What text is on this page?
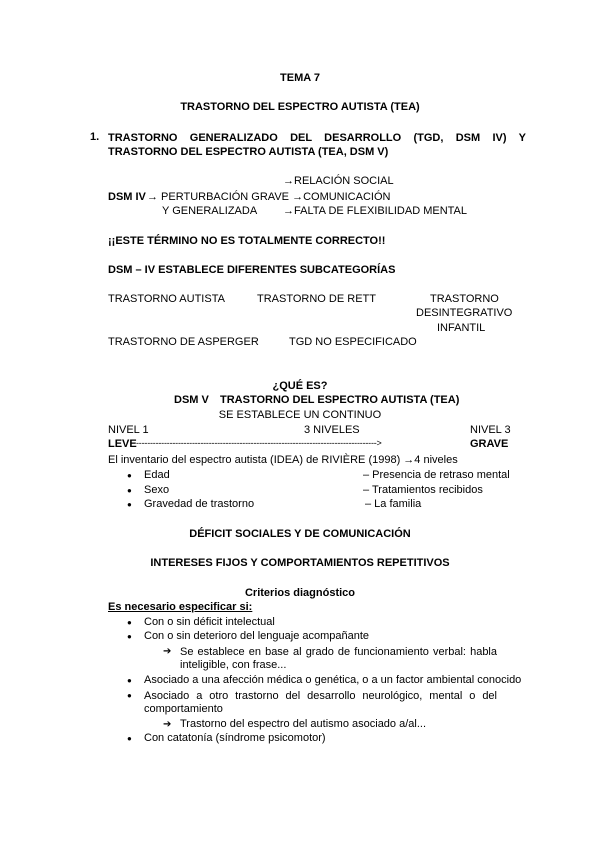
TEMA 7
TRASTORNO DEL ESPECTRO AUTISTA (TEA)
1. TRASTORNO GENERALIZADO DEL DESARROLLO (TGD, DSM IV) Y
TRASTORNO DEL ESPECTRO AUTISTA (TEA, DSM V)
→RELACIÓN SOCIAL
DSM IV → PERTURBACIÓN GRAVE →COMUNICACIÓN
Y GENERALIZADA →FALTA DE FLEXIBILIDAD MENTAL
¡¡ESTE TÉRMINO NO ES TOTALMENTE CORRECTO!!
DSM – IV ESTABLECE DIFERENTES SUBCATEGORÍAS
TRASTORNO AUTISTA	TRASTORNO DE RETT	TRASTORNO
DESINTEGRATIVO
INFANTIL
TRASTORNO DE ASPERGER	TGD NO ESPECIFICADO
¿QUÉ ES?
DSM V TRASTORNO DEL ESPECTRO AUTISTA (TEA)
SE ESTABLECE UN CONTINUO
NIVEL 1	3 NIVELES	NIVEL 3
LEVE -------------------------------------------------------------------------------------->	GRAVE
El inventario del espectro autista (IDEA) de RIVIÈRE (1998) →4 niveles
● Edad	– Presencia de retraso mental
● Sexo	– Tratamientos recibidos
● Gravedad de trastorno	– La familia
DÉFICIT SOCIALES Y DE COMUNICACIÓN
INTERESES FIJOS Y COMPORTAMIENTOS REPETITIVOS
Criterios diagnóstico
Es necesario especificar si:
● Con o sin déficit intelectual
● Con o sin deterioro del lenguaje acompañante
➔ Se establece en base al grado de funcionamiento verbal: habla
inteligible, con frase...
● Asociado a una afección médica o genética, o a un factor ambiental conocido
● Asociado a otro trastorno del desarrollo neurológico, mental o del
comportamiento
➔ Trastorno del espectro del autismo asociado a/al...
● Con catatonía (síndrome psicomotor)
